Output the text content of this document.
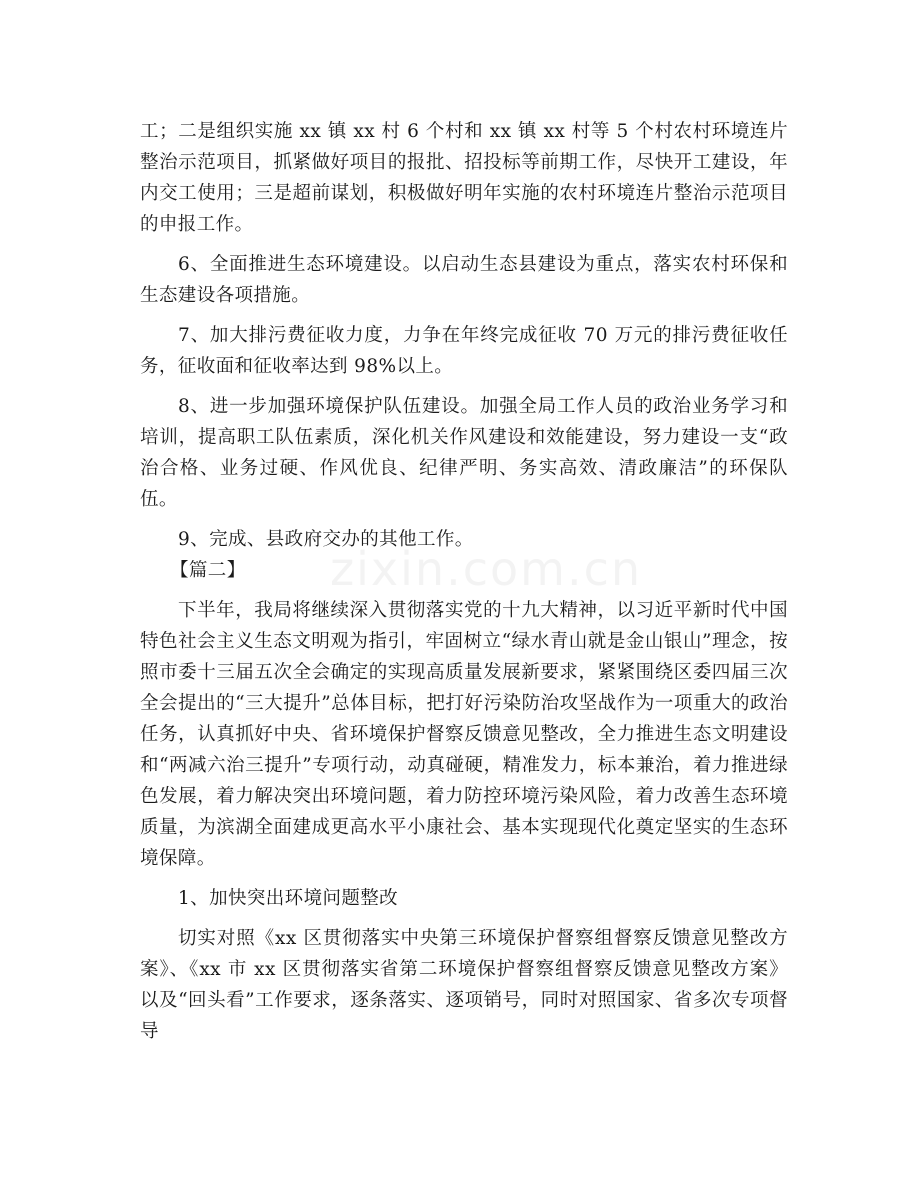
zixin.com.cn

工；二是组织实施 xx 镇 xx 村 6 个村和 xx 镇 xx 村等 5 个村农村环境连片整治示范项目，抓紧做好项目的报批、招投标等前期工作，尽快开工建设，年内交工使用；三是超前谋划，积极做好明年实施的农村环境连片整治示范项目的申报工作。

6、全面推进生态环境建设。以启动生态县建设为重点，落实农村环保和生态建设各项措施。

7、加大排污费征收力度，力争在年终完成征收 70 万元的排污费征收任务，征收面和征收率达到 98%以上。

8、进一步加强环境保护队伍建设。加强全局工作人员的政治业务学习和培训，提高职工队伍素质，深化机关作风建设和效能建设，努力建设一支“政治合格、业务过硬、作风优良、纪律严明、务实高效、清政廉洁”的环保队伍。

9、完成、县政府交办的其他工作。

【篇二】

下半年，我局将继续深入贯彻落实党的十九大精神，以习近平新时代中国特色社会主义生态文明观为指引，牢固树立“绿水青山就是金山银山”理念，按照市委十三届五次全会确定的实现高质量发展新要求，紧紧围绕区委四届三次全会提出的“三大提升”总体目标，把打好污染防治攻坚战作为一项重大的政治任务，认真抓好中央、省环境保护督察反馈意见整改，全力推进生态文明建设和“两减六治三提升”专项行动，动真碰硬，精准发力，标本兼治，着力推进绿色发展，着力解决突出环境问题，着力防控环境污染风险，着力改善生态环境质量，为滨湖全面建成更高水平小康社会、基本实现现代化奠定坚实的生态环境保障。

1、加快突出环境问题整改

切实对照《xx 区贯彻落实中央第三环境保护督察组督察反馈意见整改方案》、《xx 市 xx 区贯彻落实省第二环境保护督察组督察反馈意见整改方案》以及“回头看”工作要求，逐条落实、逐项销号，同时对照国家、省多次专项督导
